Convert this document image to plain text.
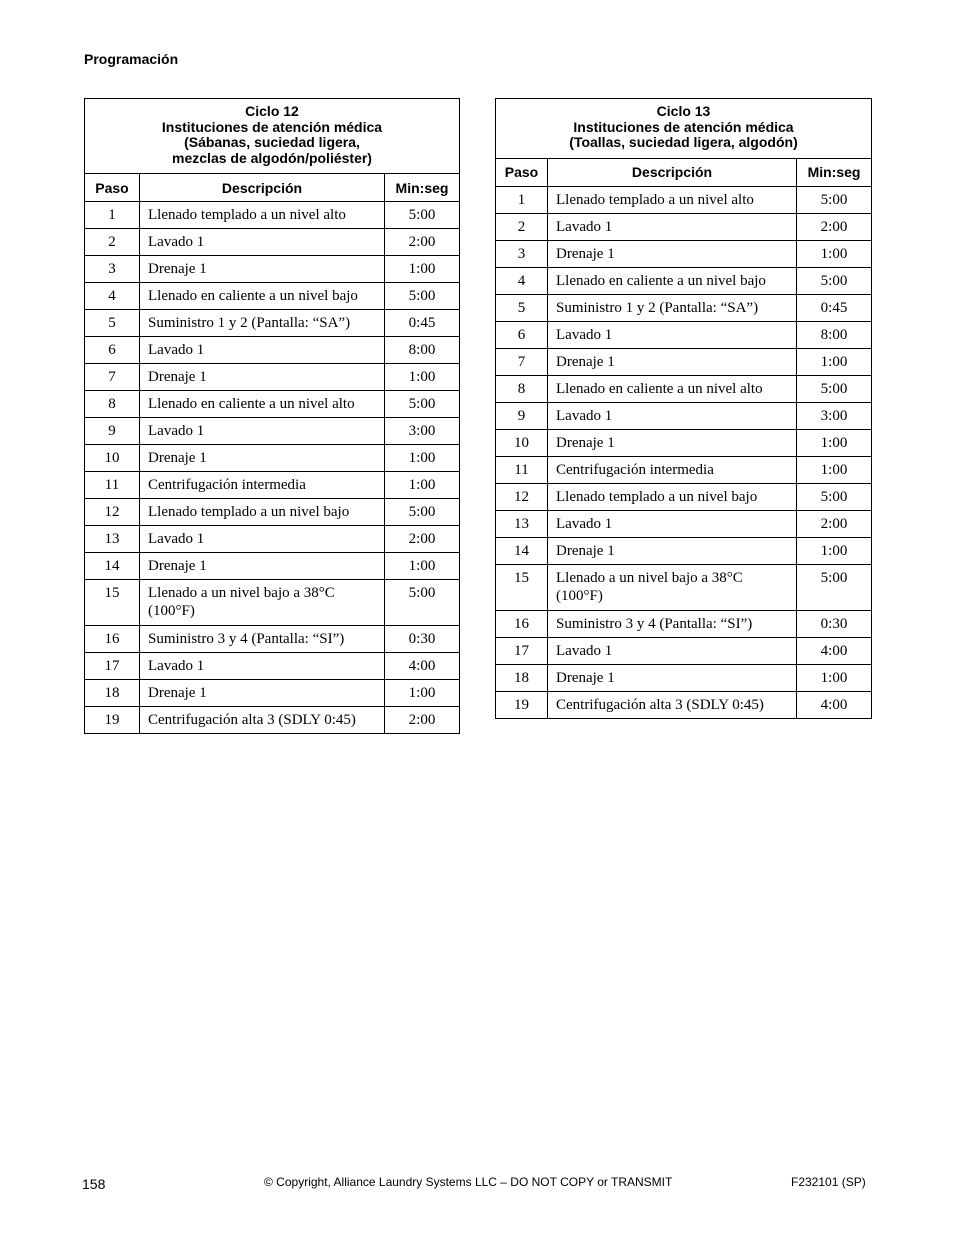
Programación
Ciclo 12
Instituciones de atención médica
(Sábanas, suciedad ligera,
mezclas de algodón/poliéster)		

Paso	Descripción	Min:seg
1	Llenado templado a un nivel alto	5:00
2	Lavado 1	2:00
3	Drenaje 1	1:00
4	Llenado en caliente a un nivel bajo	5:00
5	Suministro 1 y 2 (Pantalla: “SA”)	0:45
6	Lavado 1	8:00
7	Drenaje 1	1:00
8	Llenado en caliente a un nivel alto	5:00
9	Lavado 1	3:00
10	Drenaje 1	1:00
11	Centrifugación intermedia	1:00
12	Llenado templado a un nivel bajo	5:00
13	Lavado 1	2:00
14	Drenaje 1	1:00
15	Llenado a un nivel bajo a 38°C (100°F)	5:00
16	Suministro 3 y 4 (Pantalla: “SI”)	0:30
17	Lavado 1	4:00
18	Drenaje 1	1:00
19	Centrifugación alta 3 (SDLY 0:45)	2:00
Ciclo 13
Instituciones de atención médica
(Toallas, suciedad ligera, algodón)		

Paso	Descripción	Min:seg
1	Llenado templado a un nivel alto	5:00
2	Lavado 1	2:00
3	Drenaje 1	1:00
4	Llenado en caliente a un nivel bajo	5:00
5	Suministro 1 y 2 (Pantalla: “SA”)	0:45
6	Lavado 1	8:00
7	Drenaje 1	1:00
8	Llenado en caliente a un nivel alto	5:00
9	Lavado 1	3:00
10	Drenaje 1	1:00
11	Centrifugación intermedia	1:00
12	Llenado templado a un nivel bajo	5:00
13	Lavado 1	2:00
14	Drenaje 1	1:00
15	Llenado a un nivel bajo a 38°C (100°F)	5:00
16	Suministro 3 y 4 (Pantalla: “SI”)	0:30
17	Lavado 1	4:00
18	Drenaje 1	1:00
19	Centrifugación alta 3 (SDLY 0:45)	4:00
158	© Copyright, Alliance Laundry Systems LLC – DO NOT COPY or TRANSMIT	F232101 (SP)
